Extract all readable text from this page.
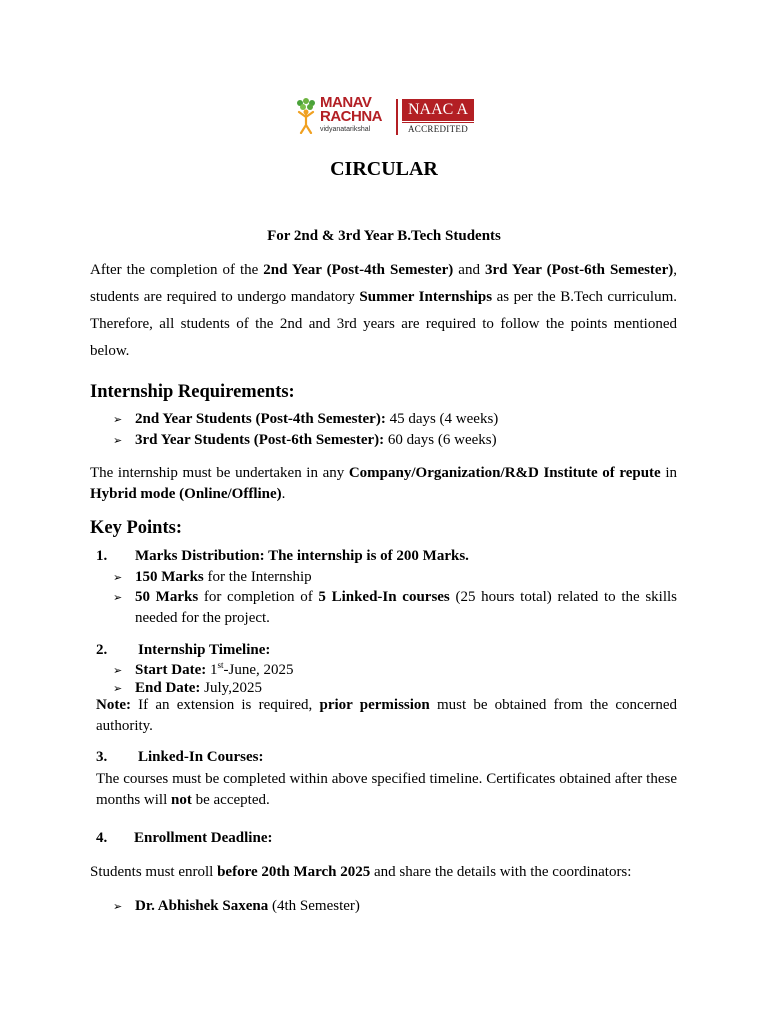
MANAV
RACHNA
vidyanatarikshal
NAAC A
ACCREDITED
CIRCULAR
For 2nd & 3rd Year B.Tech Students
After the completion of the 2nd Year (Post-4th Semester) and 3rd Year (Post-6th Semester), students are required to undergo mandatory Summer Internships as per the B.Tech curriculum. Therefore, all students of the 2nd and 3rd years are required to follow the points mentioned below.
Internship Requirements:
➢ 2nd Year Students (Post-4th Semester): 45 days (4 weeks)
➢ 3rd Year Students (Post-6th Semester): 60 days (6 weeks)
The internship must be undertaken in any Company/Organization/R&D Institute of repute in Hybrid mode (Online/Offline).
Key Points:
1. Marks Distribution: The internship is of 200 Marks.
➢ 150 Marks for the Internship
➢ 50 Marks for completion of 5 Linked-In courses (25 hours total) related to the skills needed for the project.
2. Internship Timeline:
➢ Start Date: 1st-June, 2025
➢ End Date: July,2025
Note: If an extension is required, prior permission must be obtained from the concerned authority.
3. Linked-In Courses:
The courses must be completed within above specified timeline. Certificates obtained after these months will not be accepted.
4. Enrollment Deadline:
Students must enroll before 20th March 2025 and share the details with the coordinators:
➢ Dr. Abhishek Saxena (4th Semester)
